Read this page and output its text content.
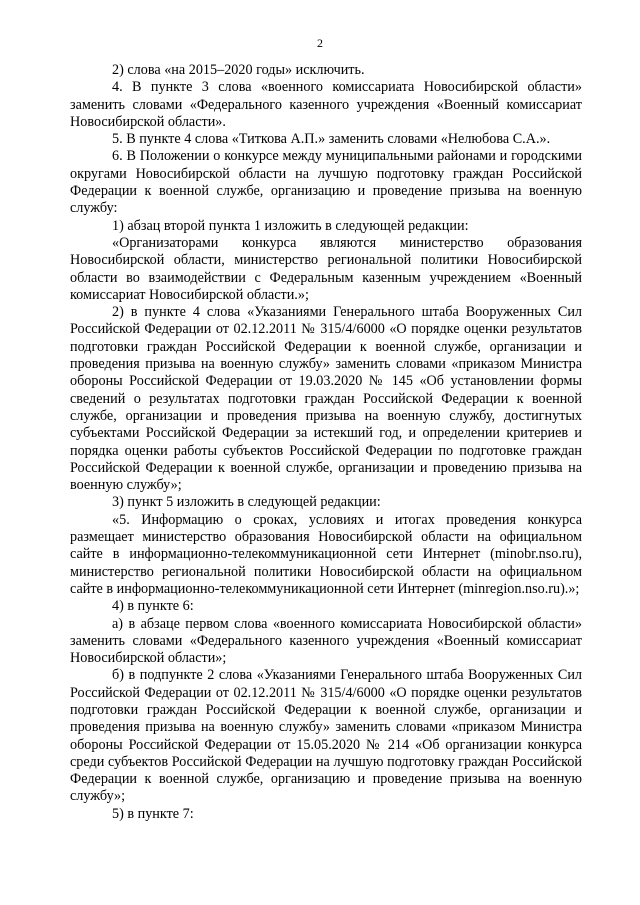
2

2) слова «на 2015–2020 годы» исключить.

4. В пункте 3 слова «военного комиссариата Новосибирской области» заменить словами «Федерального казенного учреждения «Военный комиссариат Новосибирской области».

5. В пункте 4 слова «Титкова А.П.» заменить словами «Нелюбова С.А.».

6. В Положении о конкурсе между муниципальными районами и городскими округами Новосибирской области на лучшую подготовку граждан Российской Федерации к военной службе, организацию и проведение призыва на военную службу:

1) абзац второй пункта 1 изложить в следующей редакции:

«Организаторами конкурса являются министерство образования Новосибирской области, министерство региональной политики Новосибирской области во взаимодействии с Федеральным казенным учреждением «Военный комиссариат Новосибирской области.»;

2) в пункте 4 слова «Указаниями Генерального штаба Вооруженных Сил Российской Федерации от 02.12.2011 № 315/4/6000 «О порядке оценки результатов подготовки граждан Российской Федерации к военной службе, организации и проведения призыва на военную службу» заменить словами «приказом Министра обороны Российской Федерации от 19.03.2020 № 145 «Об установлении формы сведений о результатах подготовки граждан Российской Федерации к военной службе, организации и проведения призыва на военную службу, достигнутых субъектами Российской Федерации за истекший год, и определении критериев и порядка оценки работы субъектов Российской Федерации по подготовке граждан Российской Федерации к военной службе, организации и проведению призыва на военную службу»;

3) пункт 5 изложить в следующей редакции:

«5. Информацию о сроках, условиях и итогах проведения конкурса размещает министерство образования Новосибирской области на официальном сайте в информационно-телекоммуникационной сети Интернет (minobr.nso.ru), министерство региональной политики Новосибирской области на официальном сайте в информационно-телекоммуникационной сети Интернет (minregion.nso.ru).»;

4) в пункте 6:

а) в абзаце первом слова «военного комиссариата Новосибирской области» заменить словами «Федерального казенного учреждения «Военный комиссариат Новосибирской области»;

б) в подпункте 2 слова «Указаниями Генерального штаба Вооруженных Сил Российской Федерации от 02.12.2011 № 315/4/6000 «О порядке оценки результатов подготовки граждан Российской Федерации к военной службе, организации и проведения призыва на военную службу» заменить словами «приказом Министра обороны Российской Федерации от 15.05.2020 № 214 «Об организации конкурса среди субъектов Российской Федерации на лучшую подготовку граждан Российской Федерации к военной службе, организацию и проведение призыва на военную службу»;

5) в пункте 7:
